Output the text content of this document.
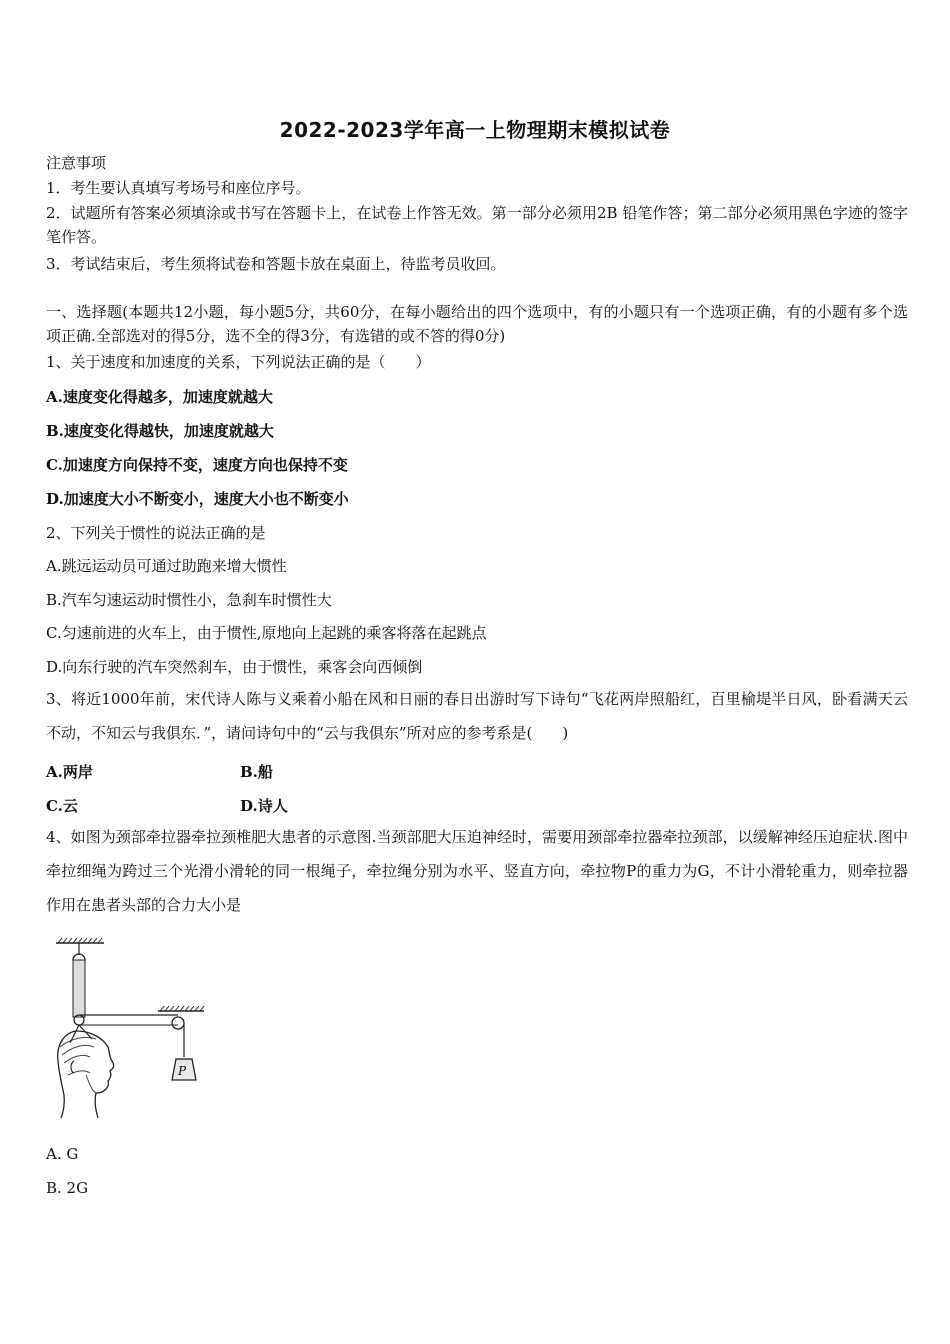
2022-2023学年高一上物理期末模拟试卷
注意事项
1．考生要认真填写考场号和座位序号。
2．试题所有答案必须填涂或书写在答题卡上，在试卷上作答无效。第一部分必须用2B 铅笔作答；第二部分必须用黑色字迹的签字笔作答。
3．考试结束后，考生须将试卷和答题卡放在桌面上，待监考员收回。
一、选择题(本题共12小题，每小题5分，共60分，在每小题给出的四个选项中，有的小题只有一个选项正确，有的小题有多个选项正确.全部选对的得5分，选不全的得3分，有选错的或不答的得0分)
1、关于速度和加速度的关系，下列说法正确的是（　　）
A.速度变化得越多，加速度就越大
B.速度变化得越快，加速度就越大
C.加速度方向保持不变，速度方向也保持不变
D.加速度大小不断变小，速度大小也不断变小
2、下列关于惯性的说法正确的是
A.跳远运动员可通过助跑来增大惯性
B.汽车匀速运动时惯性小，急刹车时惯性大
C.匀速前进的火车上，由于惯性,原地向上起跳的乘客将落在起跳点
D.向东行驶的汽车突然刹车，由于惯性，乘客会向西倾倒
3、将近1000年前，宋代诗人陈与义乘着小船在风和日丽的春日出游时写下诗句“飞花两岸照船红，百里榆堤半日风，卧看满天云不动，不知云与我俱东．”，请问诗句中的“云与我俱东”所对应的参考系是(　　)
A.两岸	B.船
C.云	D.诗人
4、如图为颈部牵拉器牵拉颈椎肥大患者的示意图.当颈部肥大压迫神经时，需要用颈部牵拉器牵拉颈部，以缓解神经压迫症状.图中牵拉细绳为跨过三个光滑小滑轮的同一根绳子，牵拉绳分别为水平、竖直方向，牵拉物P的重力为G，不计小滑轮重力，则牵拉器作用在患者头部的合力大小是
P
A. G
B. 2G
